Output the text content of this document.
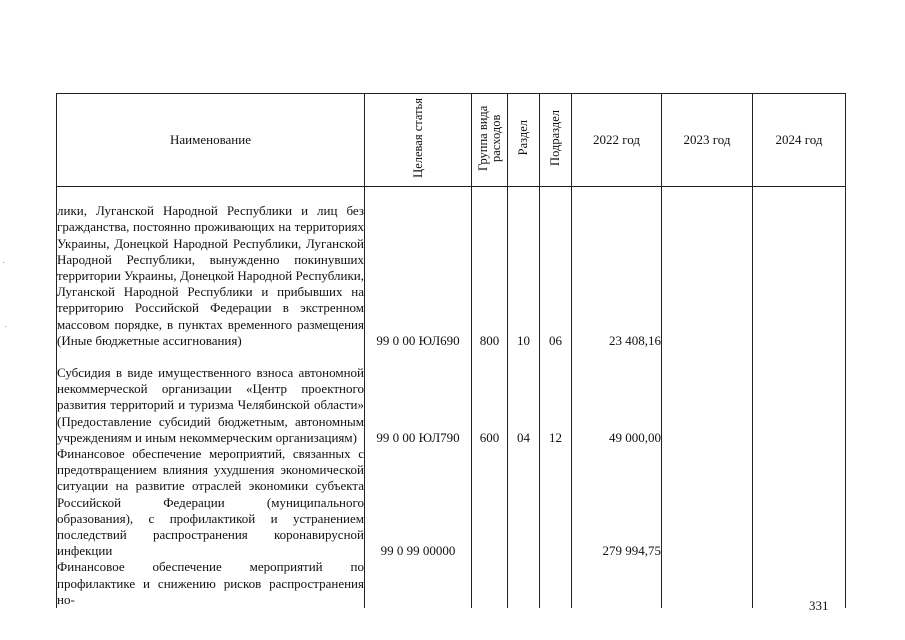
Наименование	Целевая статья	Группа вида расходов	Раздел	Подраздел	2022 год	2023 год	2024 год
лики, Луганской Народной Республики и лиц без гражданства, постоянно проживающих на территориях Украины, Донецкой Народной Республики, Луганской Народной Республики, вынужденно покинувших территории Украины, Донецкой Народной Республики, Луганской Народной Республики и прибывших на территорию Российской Федерации в экстренном массовом порядке, в пунктах временного размещения (Иные бюджетные ассигнования)	99 0 00 ЮЛ690	800	10	06	23 408,16		
Субсидия в виде имущественного взноса автономной некоммерческой организации «Центр проектного развития территорий и туризма Челябинской области» (Предоставление субсидий бюджетным, автономным учреждениям и иным некоммерческим организациям)	99 0 00 ЮЛ790	600	04	12	49 000,00		
Финансовое обеспечение мероприятий, связанных с предотвращением влияния ухудшения экономической ситуации на развитие отраслей экономики субъекта Российской Федерации (муниципального образования), с профилактикой и устранением последствий распространения коронавирусной инфекции	99 0 99 00000				279 994,75		
Финансовое обеспечение мероприятий по профилактике и снижению рисков распространения но-								331
